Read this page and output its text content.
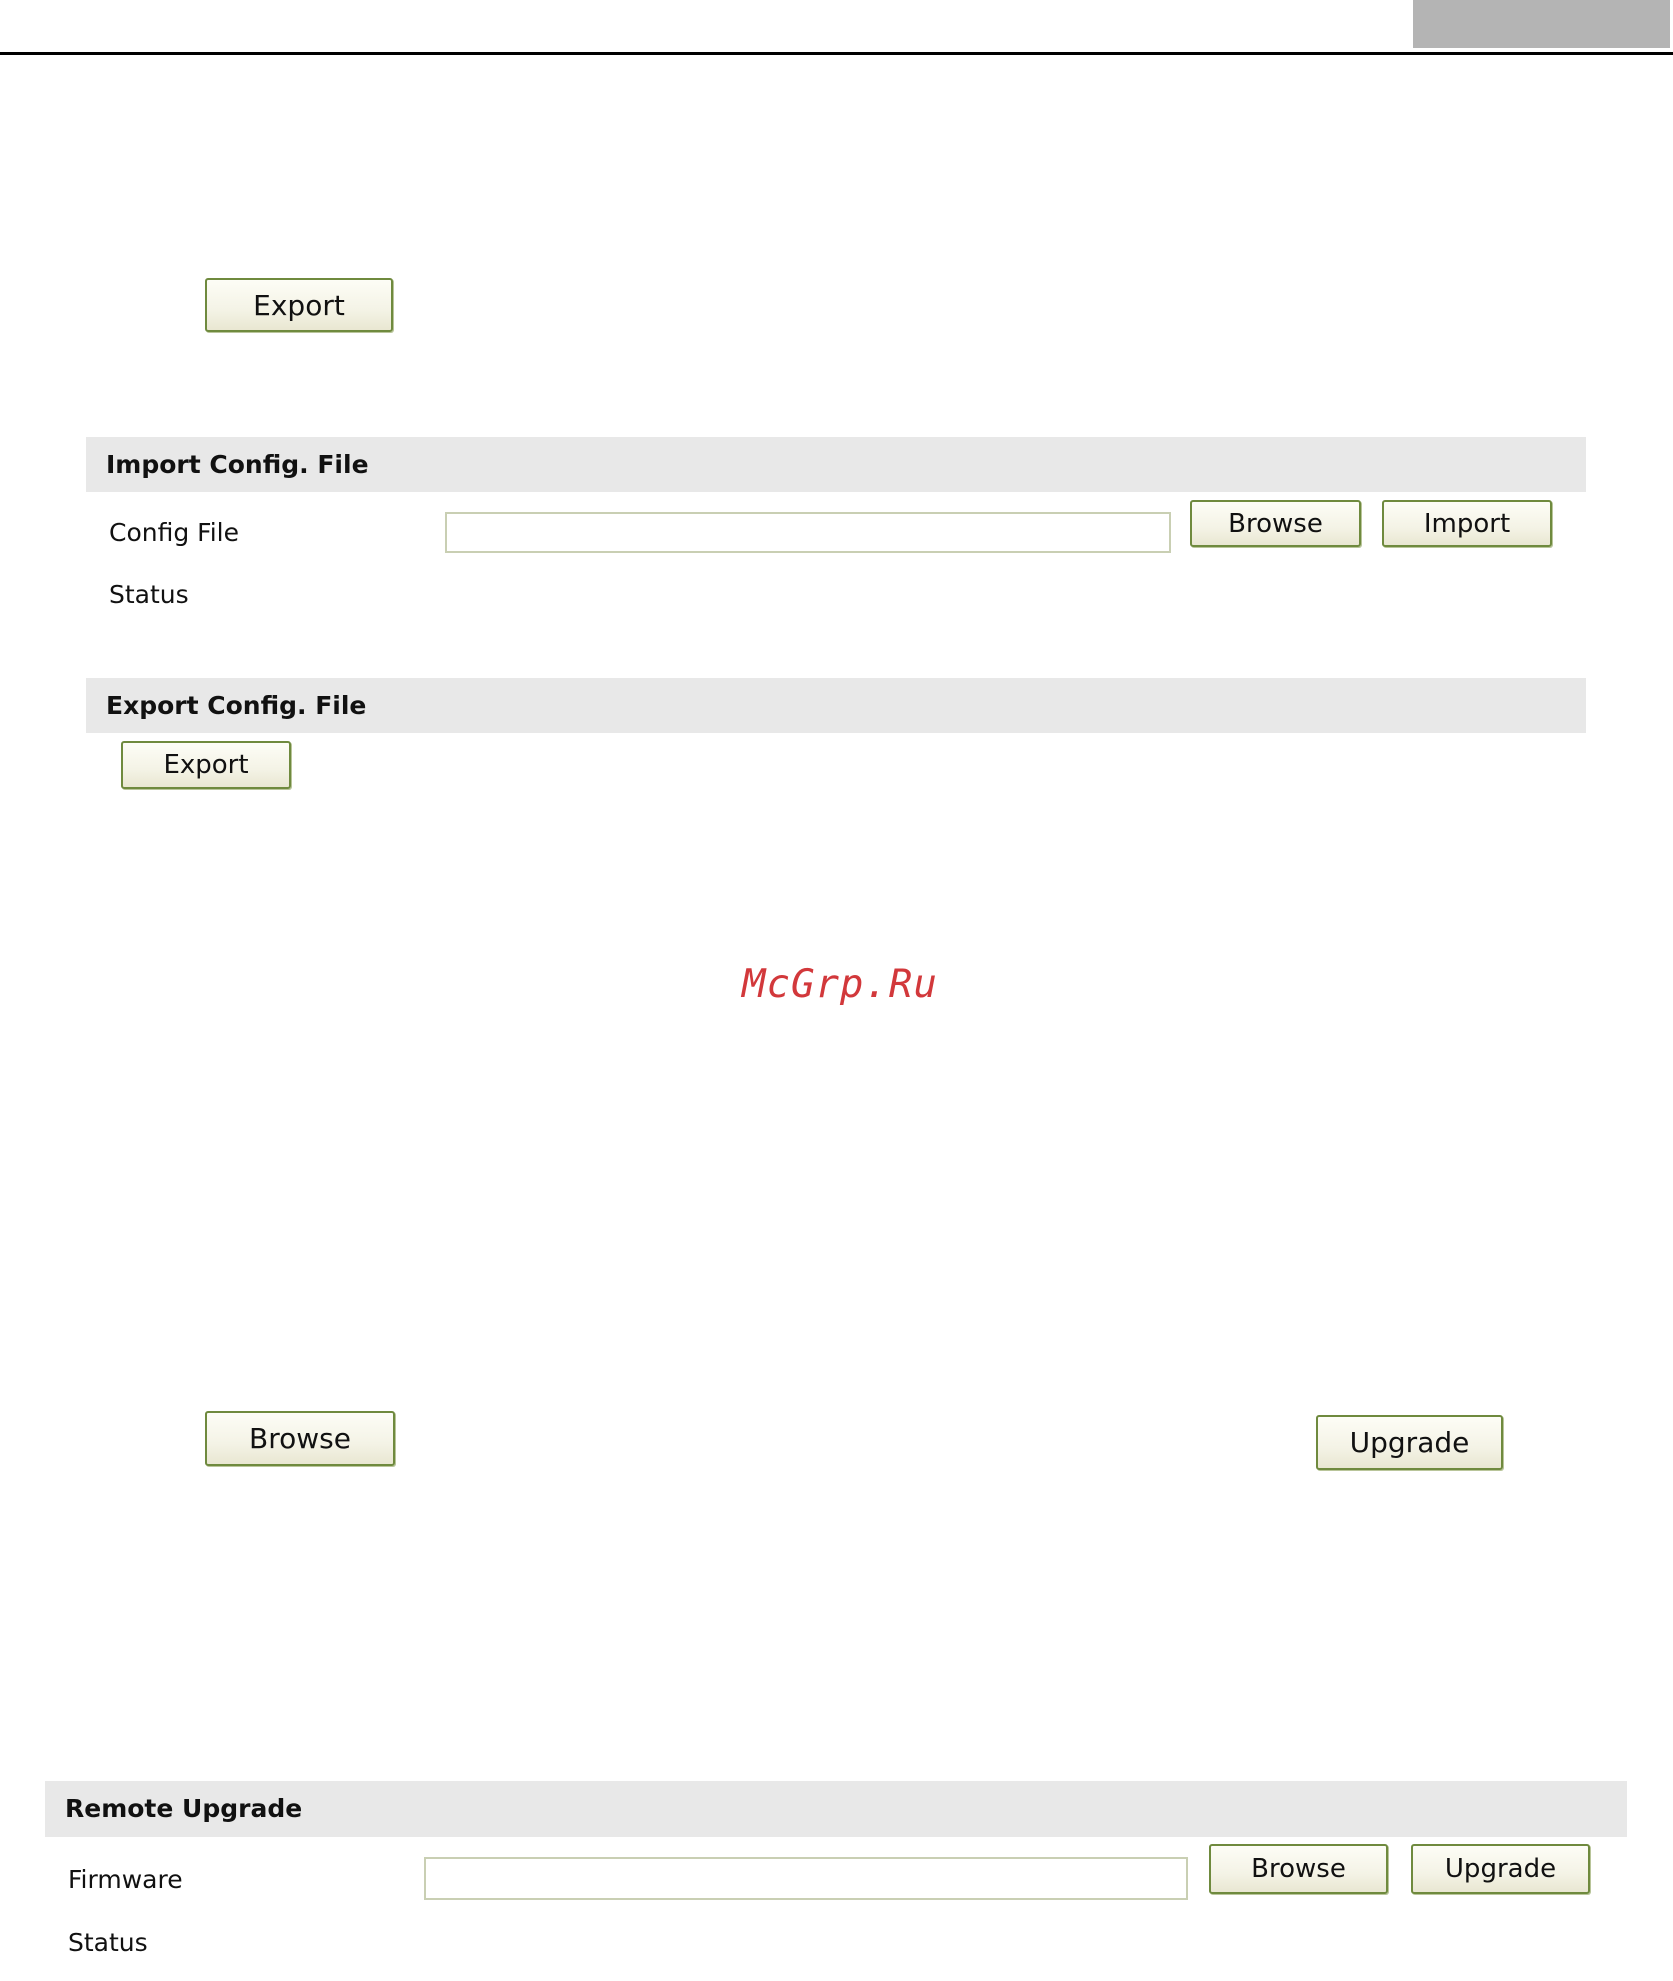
Export
Import Config. File
Config File	Browse	Import
Status
Export Config. File
Export
McGrp.Ru
Browse	Upgrade
Remote Upgrade
Firmware	Browse	Upgrade
Status
